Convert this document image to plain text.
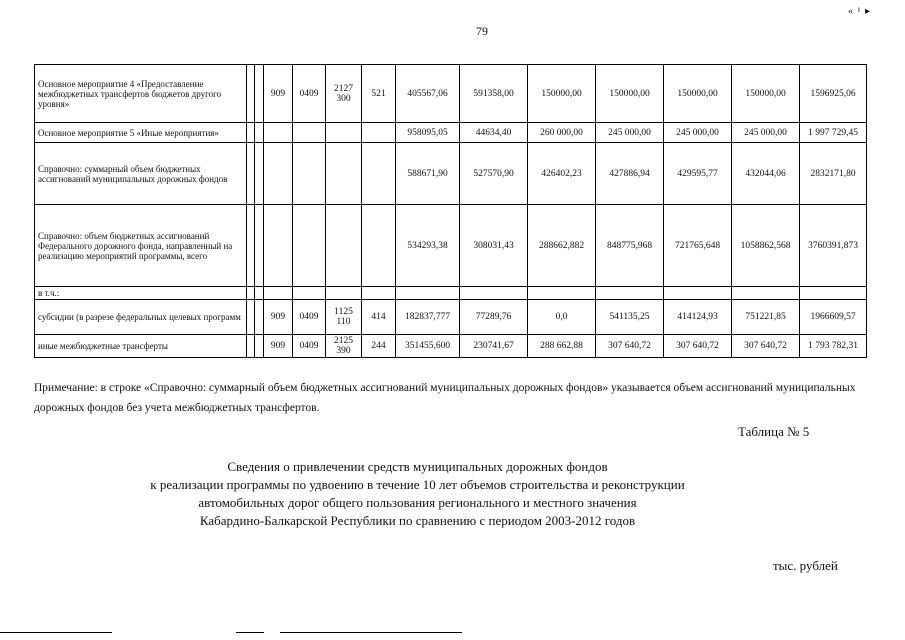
79
« ¹ ▸
Основное мероприятие 4 «Предоставление межбюджетных трансфертов бюджетов другого уровня»			909	0409	2127 300	521	405567,06	591358,00	150000,00	150000,00	150000,00	150000,00	1596925,06
Основное мероприятие 5 «Иные мероприятия»							958095,05	44634,40	260 000,00	245 000,00	245 000,00	245 000,00	1 997 729,45
Справочно: суммарный объем бюджетных ассигнований муниципальных дорожных фондов							588671,90	527570,90	426402,23	427886,94	429595,77	432044,06	2832171,80
Справочно: объем бюджетных ассигнований Федерального дорожного фонда, направленный на реализацию мероприятий программы, всего							534293,38	308031,43	288662,882	848775,968	721765,648	1058862,568	3760391,873
в т.ч.:													
субсидии (в разрезе федеральных целевых программ			909	0409	1125 110	414	182837,777	77289,76	0,0	541135,25	414124,93	751221,85	1966609,57
иные межбюджетные трансферты			909	0409	2125 390	244	351455,600	230741,67	288 662,88	307 640,72	307 640,72	307 640,72	1 793 782,31
Примечание: в строке «Справочно: суммарный объем бюджетных ассигнований муниципальных дорожных фондов» указывается объем ассигнований муниципальных дорожных фондов без учета межбюджетных трансфертов.
Таблица № 5
Сведения о привлечении средств муниципальных дорожных фондов
к реализации программы по удвоению в течение 10 лет объемов строительства и реконструкции
автомобильных дорог общего пользования регионального и местного значения
Кабардино-Балкарской Республики по сравнению с периодом 2003-2012 годов
тыс. рублей
